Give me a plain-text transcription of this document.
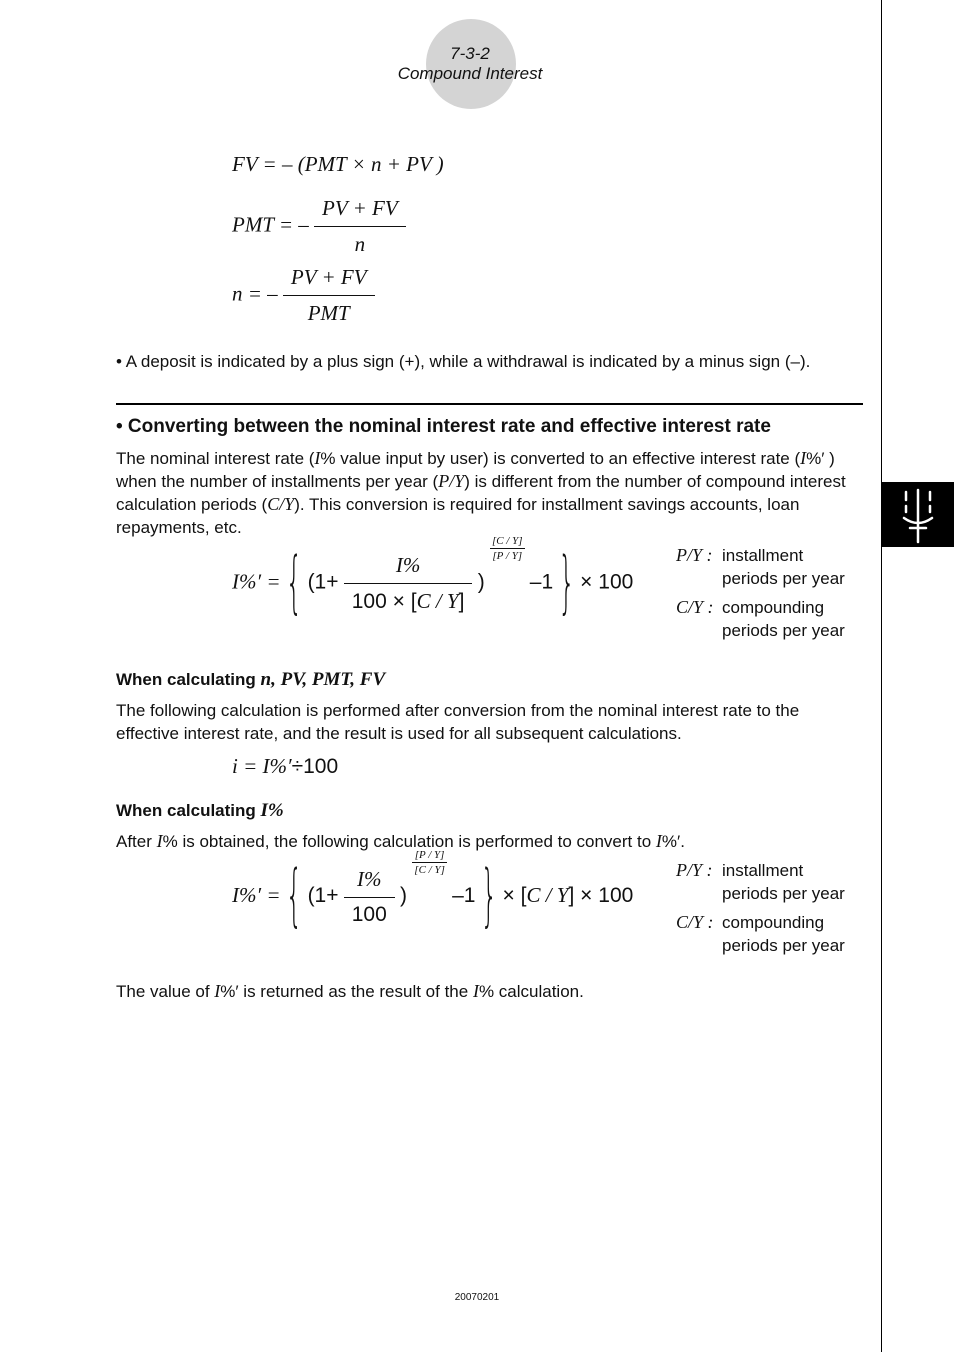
7-3-2
Compound Interest
FV = – (PMT × n + PV )
PMT = – $\frac{PV + FV}{n}$
n = – $\frac{PV + FV}{\text{PMT}}$
• A deposit is indicated by a plus sign (+), while a withdrawal is indicated by a minus sign (–).
• Converting between the nominal interest rate and effective interest rate
The nominal interest rate (I% value input by user) is converted to an effective interest rate (I%′ ) when the number of installments per year (P/Y) is different from the number of compound interest calculation periods (C/Y). This conversion is required for installment savings accounts, loan repayments, etc.
I%′ = { ($1+ \frac{I\%}{100 \times [C / Y]}$ )
$\frac{[C / Y]}{[P / Y]}$
–1 } × 100
P/Y : installment periods per year
C/Y : compounding periods per year
When calculating n, PV, PMT, FV
The following calculation is performed after conversion from the nominal interest rate to the effective interest rate, and the result is used for all subsequent calculations.
i = I%′÷100
When calculating I%
After I% is obtained, the following calculation is performed to convert to I%′.
I%′ = { ($1+ \frac{I\%}{100}$ )
$\frac{[P / Y]}{[C / Y]}$
–1 } × [C / Y] × 100
P/Y : installment periods per year
C/Y : compounding periods per year
The value of I%′ is returned as the result of the I% calculation.
20070201
